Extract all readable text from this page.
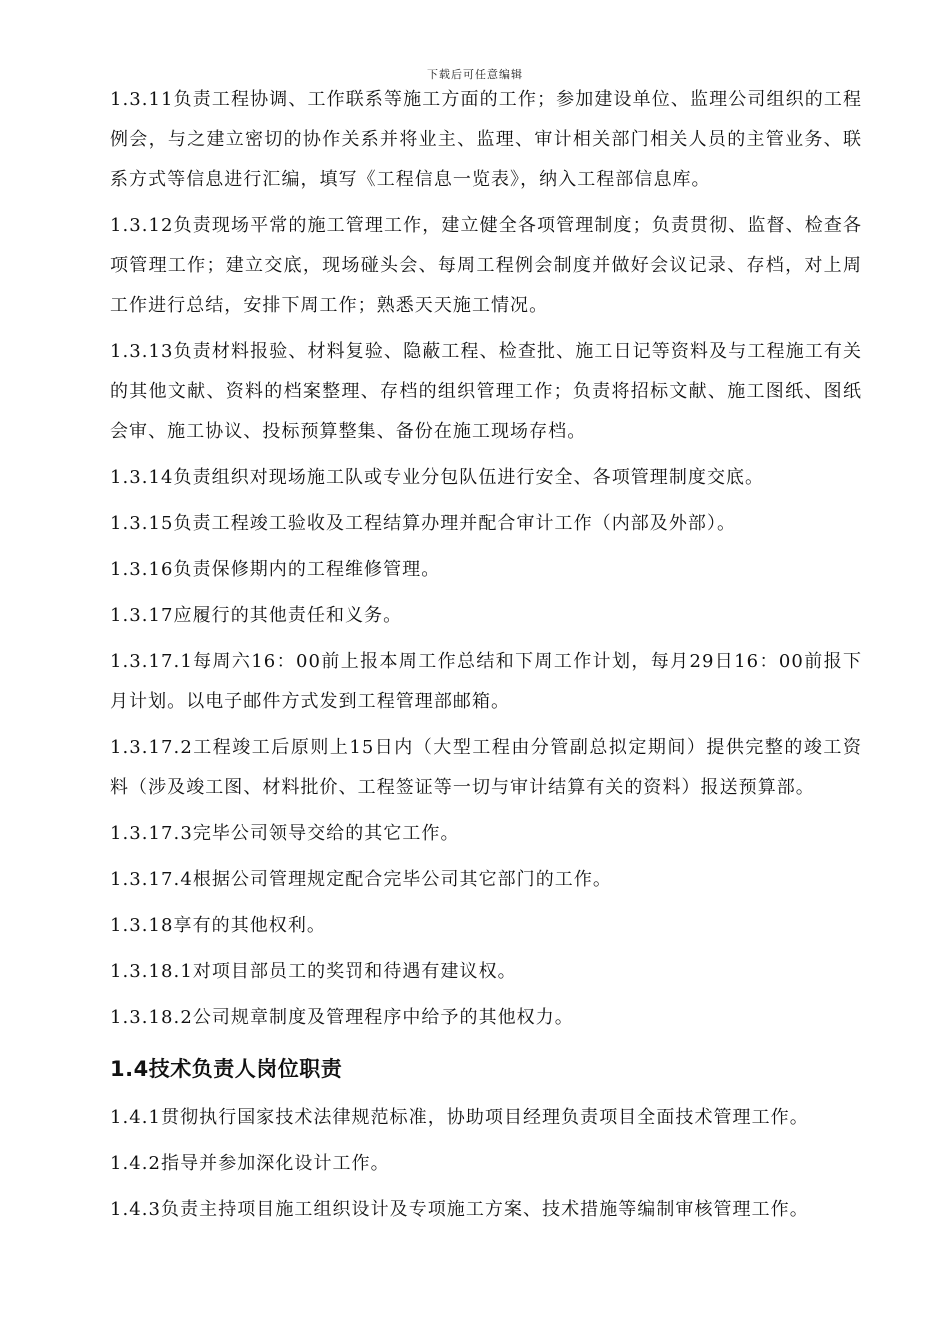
下载后可任意编辑

1.3.11负责工程协调、工作联系等施工方面的工作；参加建设单位、监理公司组织的工程例会，与之建立密切的协作关系并将业主、监理、审计相关部门相关人员的主管业务、联系方式等信息进行汇编，填写《工程信息一览表》，纳入工程部信息库。

1.3.12负责现场平常的施工管理工作，建立健全各项管理制度；负责贯彻、监督、检查各项管理工作；建立交底，现场碰头会、每周工程例会制度并做好会议记录、存档，对上周工作进行总结，安排下周工作；熟悉天天施工情况。

1.3.13负责材料报验、材料复验、隐蔽工程、检查批、施工日记等资料及与工程施工有关的其他文献、资料的档案整理、存档的组织管理工作；负责将招标文献、施工图纸、图纸会审、施工协议、投标预算整集、备份在施工现场存档。

1.3.14负责组织对现场施工队或专业分包队伍进行安全、各项管理制度交底。

1.3.15负责工程竣工验收及工程结算办理并配合审计工作（内部及外部）。

1.3.16负责保修期内的工程维修管理。

1.3.17应履行的其他责任和义务。

1.3.17.1每周六16：00前上报本周工作总结和下周工作计划，每月29日16：00前报下月计划。以电子邮件方式发到工程管理部邮箱。

1.3.17.2工程竣工后原则上15日内（大型工程由分管副总拟定期间）提供完整的竣工资料（涉及竣工图、材料批价、工程签证等一切与审计结算有关的资料）报送预算部。

1.3.17.3完毕公司领导交给的其它工作。

1.3.17.4根据公司管理规定配合完毕公司其它部门的工作。

1.3.18享有的其他权利。

1.3.18.1对项目部员工的奖罚和待遇有建议权。

1.3.18.2公司规章制度及管理程序中给予的其他权力。

1.4技术负责人岗位职责

1.4.1贯彻执行国家技术法律规范标准，协助项目经理负责项目全面技术管理工作。

1.4.2指导并参加深化设计工作。

1.4.3负责主持项目施工组织设计及专项施工方案、技术措施等编制审核管理工作。
